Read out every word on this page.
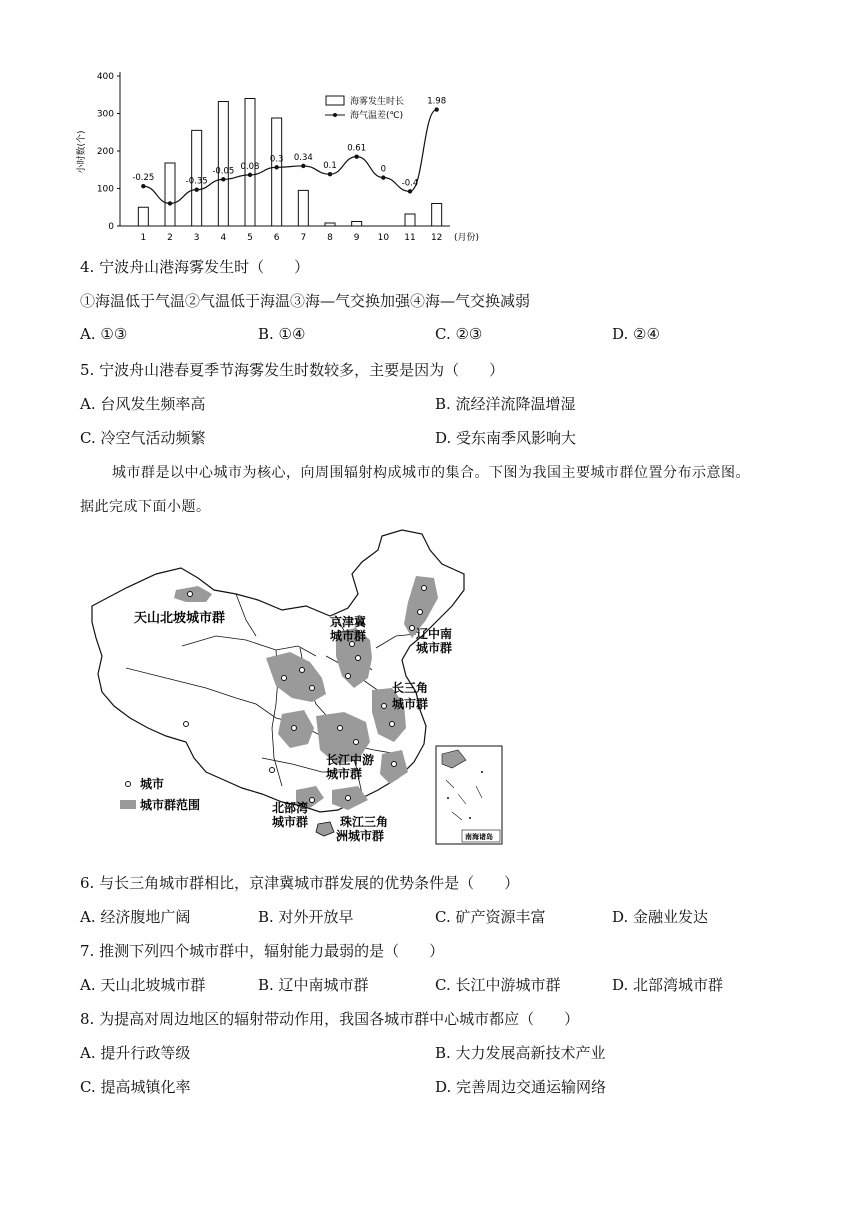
0
100
200
300
400
小时数(个)
1 2 3 4 5 6 7 8 9 10 11 12 (月份)
-0.25	-0.35
-0.05 0.08
0.3 0.34
0.1
0.61
0
-0.4
1.98
海雾发生时长
海气温差(℃)
4. 宁波舟山港海雾发生时（　　）
①海温低于气温②气温低于海温③海—气交换加强④海—气交换减弱
A. ①③	B. ①④	C. ②③	D. ②④
5. 宁波舟山港春夏季节海雾发生时数较多，主要是因为（　　）
A. 台风发生频率高	B. 流经洋流降温增湿
C. 冷空气活动频繁	D. 受东南季风影响大
城市群是以中心城市为核心，向周围辐射构成城市的集合。下图为我国主要城市群位置分布示意图。
据此完成下面小题。
天山北坡城市群	京津冀
城市群	辽中南
城市群
长三角
城市群
长江中游
城市群
北部湾
城市群	珠江三角
洲城市群
城市
城市群范围
南海诸岛
6. 与长三角城市群相比，京津冀城市群发展的优势条件是（　　）
A. 经济腹地广阔	B. 对外开放早	C. 矿产资源丰富	D. 金融业发达
7. 推测下列四个城市群中，辐射能力最弱的是（　　）
A. 天山北坡城市群	B. 辽中南城市群	C. 长江中游城市群	D. 北部湾城市群
8. 为提高对周边地区的辐射带动作用，我国各城市群中心城市都应（　　）
A. 提升行政等级	B. 大力发展高新技术产业
C. 提高城镇化率	D. 完善周边交通运输网络
